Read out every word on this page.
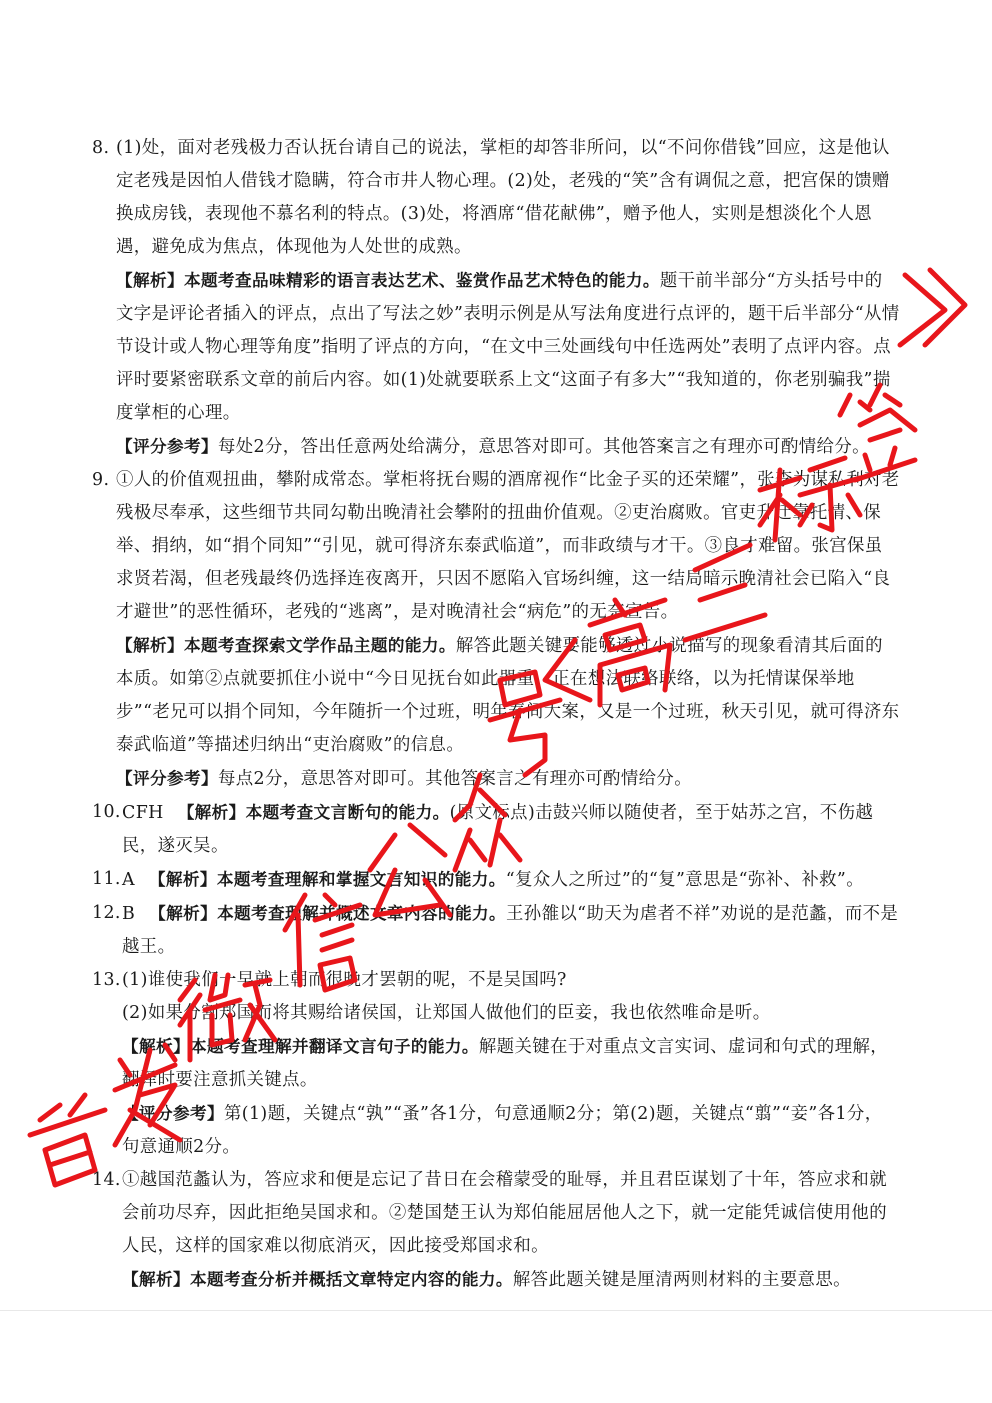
8. (1)处，面对老残极力否认抚台请自己的说法，掌柜的却答非所问，以“不问你借钱”回应，这是他认定老残是因怕人借钱才隐瞒，符合市井人物心理。(2)处，老残的“笑”含有调侃之意，把宫保的馈赠换成房钱，表现他不慕名利的特点。(3)处，将酒席“借花献佛”，赠予他人，实则是想淡化个人恩遇，避免成为焦点，体现他为人处世的成熟。

【解析】本题考查品味精彩的语言表达艺术、鉴赏作品艺术特色的能力。题干前半部分“方头括号中的文字是评论者插入的评点，点出了写法之妙”表明示例是从写法角度进行点评的，题干后半部分“从情节设计或人物心理等角度”指明了评点的方向，“在文中三处画线句中任选两处”表明了点评内容。点评时要紧密联系文章的前后内容。如(1)处就要联系上文“这面子有多大”“我知道的，你老别骗我”揣度掌柜的心理。
【评分参考】每处2分，答出任意两处给满分，意思答对即可。其他答案言之有理亦可酌情给分。
9. ①人的价值观扭曲，攀附成常态。掌柜将抚台赐的酒席视作“比金子买的还荣耀”，张李为谋私利对老残极尽奉承，这些细节共同勾勒出晚清社会攀附的扭曲价值观。②吏治腐败。官吏升迁靠托情、保举、捐纳，如“捐个同知”“引见，就可得济东泰武临道”，而非政绩与才干。③良才难留。张宫保虽求贤若渴，但老残最终仍选择连夜离开，只因不愿陷入官场纠缠，这一结局暗示晚清社会已陷入“良才避世”的恶性循环，老残的“逃离”，是对晚清社会“病危”的无奈宣告。

【解析】本题考查探索文学作品主题的能力。解答此题关键要能够透过小说描写的现象看清其后面的本质。如第②点就要抓住小说中“今日见抚台如此器重，正在想法联络联络，以为托情谋保举地步”“老兄可以捐个同知，今年随折一个过班，明年春间大案，又是一个过班，秋天引见，就可得济东泰武临道”等描述归纳出“吏治腐败”的信息。
【评分参考】每点2分，意思答对即可。其他答案言之有理亦可酌情给分。
10. CFH 【解析】本题考查文言断句的能力。(原文标点)击鼓兴师以随使者，至于姑苏之宫，不伤越民，遂灭吴。

11. A 【解析】本题考查理解和掌握文言知识的能力。“复众人之所过”的“复”意思是“弥补、补救”。

12. B 【解析】本题考查理解并概述文章内容的能力。王孙雒以“助天为虐者不祥”劝说的是范蠡，而不是越王。

13. (1)谁使我们一早就上朝而很晚才罢朝的呢，不是吴国吗?

(2)如果分割郑国而将其赐给诸侯国，让郑国人做他们的臣妾，我也依然唯命是听。

【解析】本题考查理解并翻译文言句子的能力。解题关键在于对重点文言实词、虚词和句式的理解，翻译时要注意抓关键点。
【评分参考】第(1)题，关键点“孰”“蚤”各1分，句意通顺2分；第(2)题，关键点“翦”“妾”各1分，句意通顺2分。
14. ①越国范蠡认为，答应求和便是忘记了昔日在会稽蒙受的耻辱，并且君臣谋划了十年，答应求和就会前功尽弃，因此拒绝吴国求和。②楚国楚王认为郑伯能屈居他人之下，就一定能凭诚信使用他的人民，这样的国家难以彻底消灭，因此接受郑国求和。

【解析】本题考查分析并概括文章特定内容的能力。解答此题关键是厘清两则材料的主要意思。
